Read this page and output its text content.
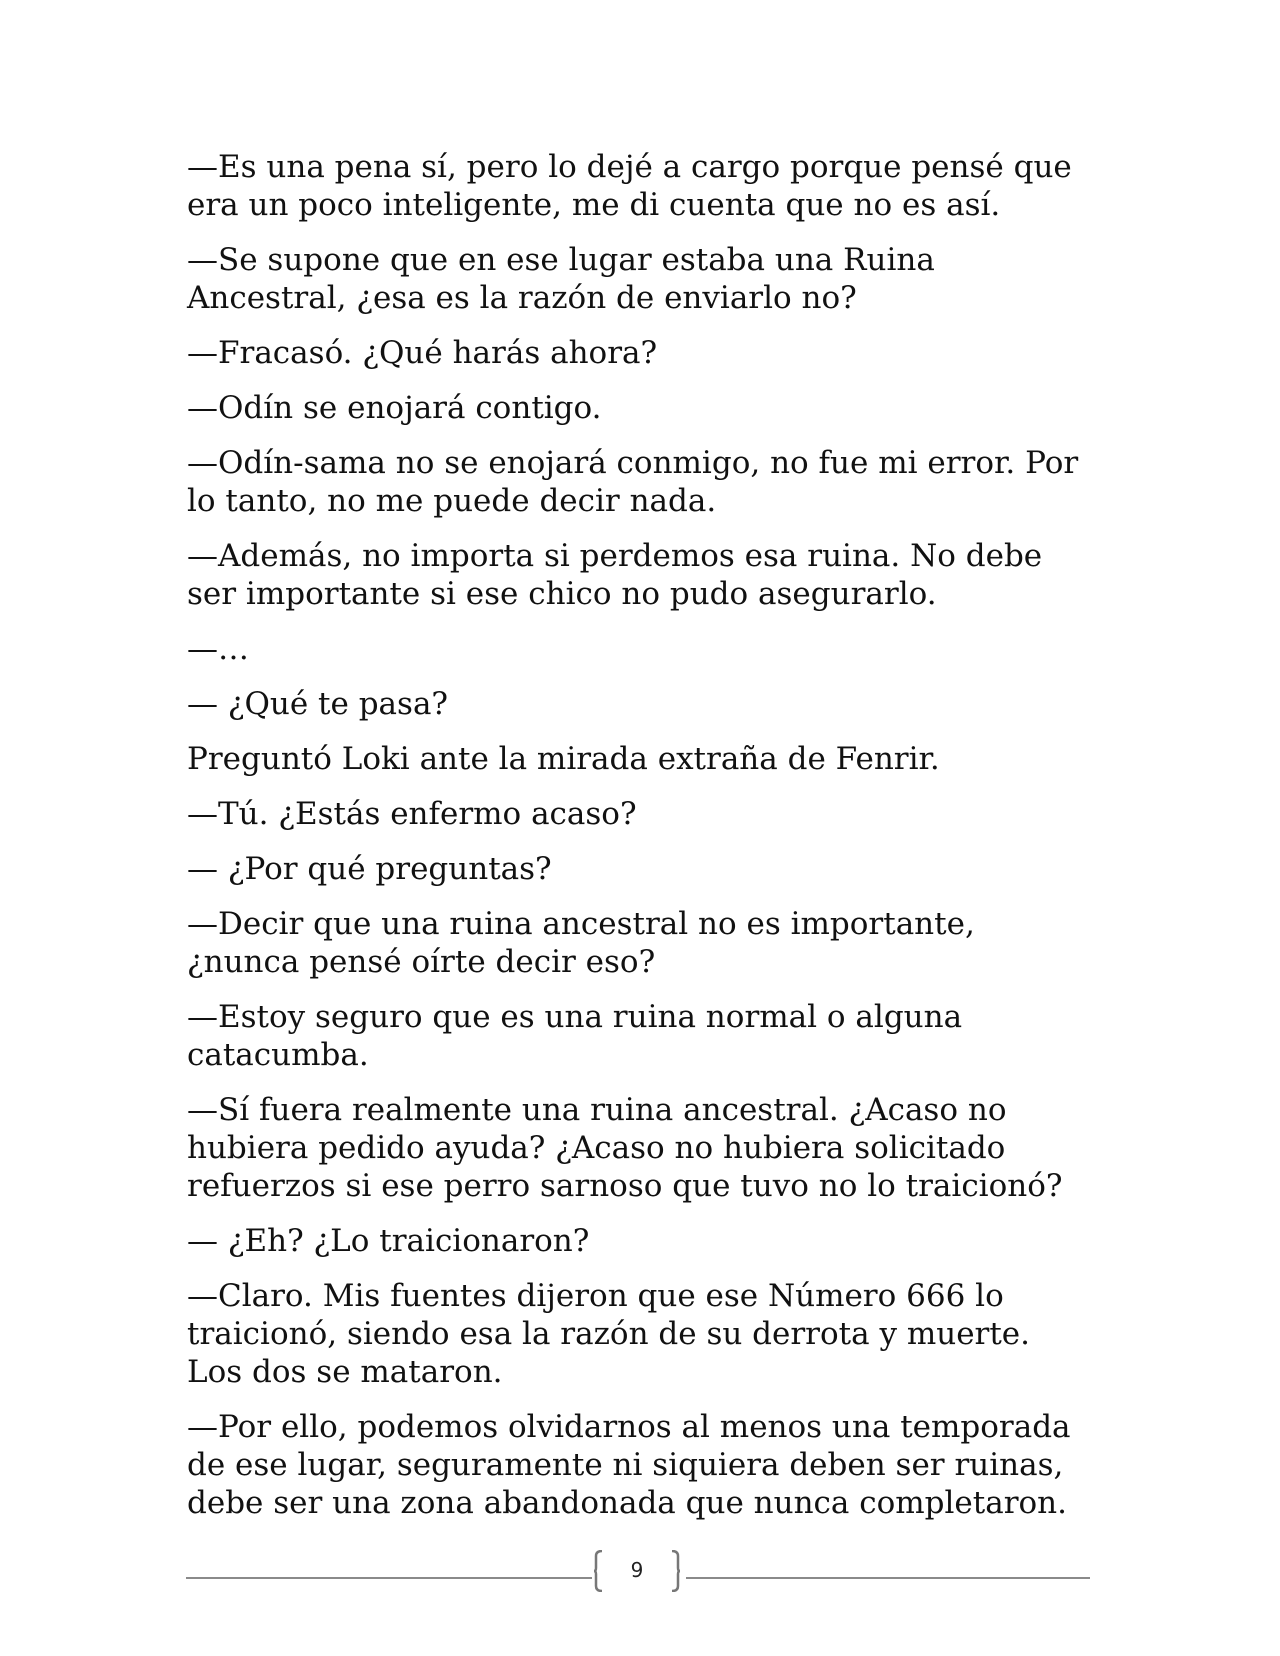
—Es una pena sí, pero lo dejé a cargo porque pensé que era un poco inteligente, me di cuenta que no es así.

—Se supone que en ese lugar estaba una Ruina Ancestral, ¿esa es la razón de enviarlo no?

—Fracasó. ¿Qué harás ahora?

—Odín se enojará contigo.

—Odín-sama no se enojará conmigo, no fue mi error. Por lo tanto, no me puede decir nada.

—Además, no importa si perdemos esa ruina. No debe ser importante si ese chico no pudo asegurarlo.

—…

— ¿Qué te pasa?

Preguntó Loki ante la mirada extraña de Fenrir.

—Tú. ¿Estás enfermo acaso?

— ¿Por qué preguntas?

—Decir que una ruina ancestral no es importante, ¿nunca pensé oírte decir eso?

—Estoy seguro que es una ruina normal o alguna catacumba.

—Sí fuera realmente una ruina ancestral. ¿Acaso no hubiera pedido ayuda? ¿Acaso no hubiera solicitado refuerzos si ese perro sarnoso que tuvo no lo traicionó?

— ¿Eh? ¿Lo traicionaron?

—Claro. Mis fuentes dijeron que ese Número 666 lo traicionó, siendo esa la razón de su derrota y muerte. Los dos se mataron.

—Por ello, podemos olvidarnos al menos una temporada de ese lugar, seguramente ni siquiera deben ser ruinas, debe ser una zona abandonada que nunca completaron.

9
